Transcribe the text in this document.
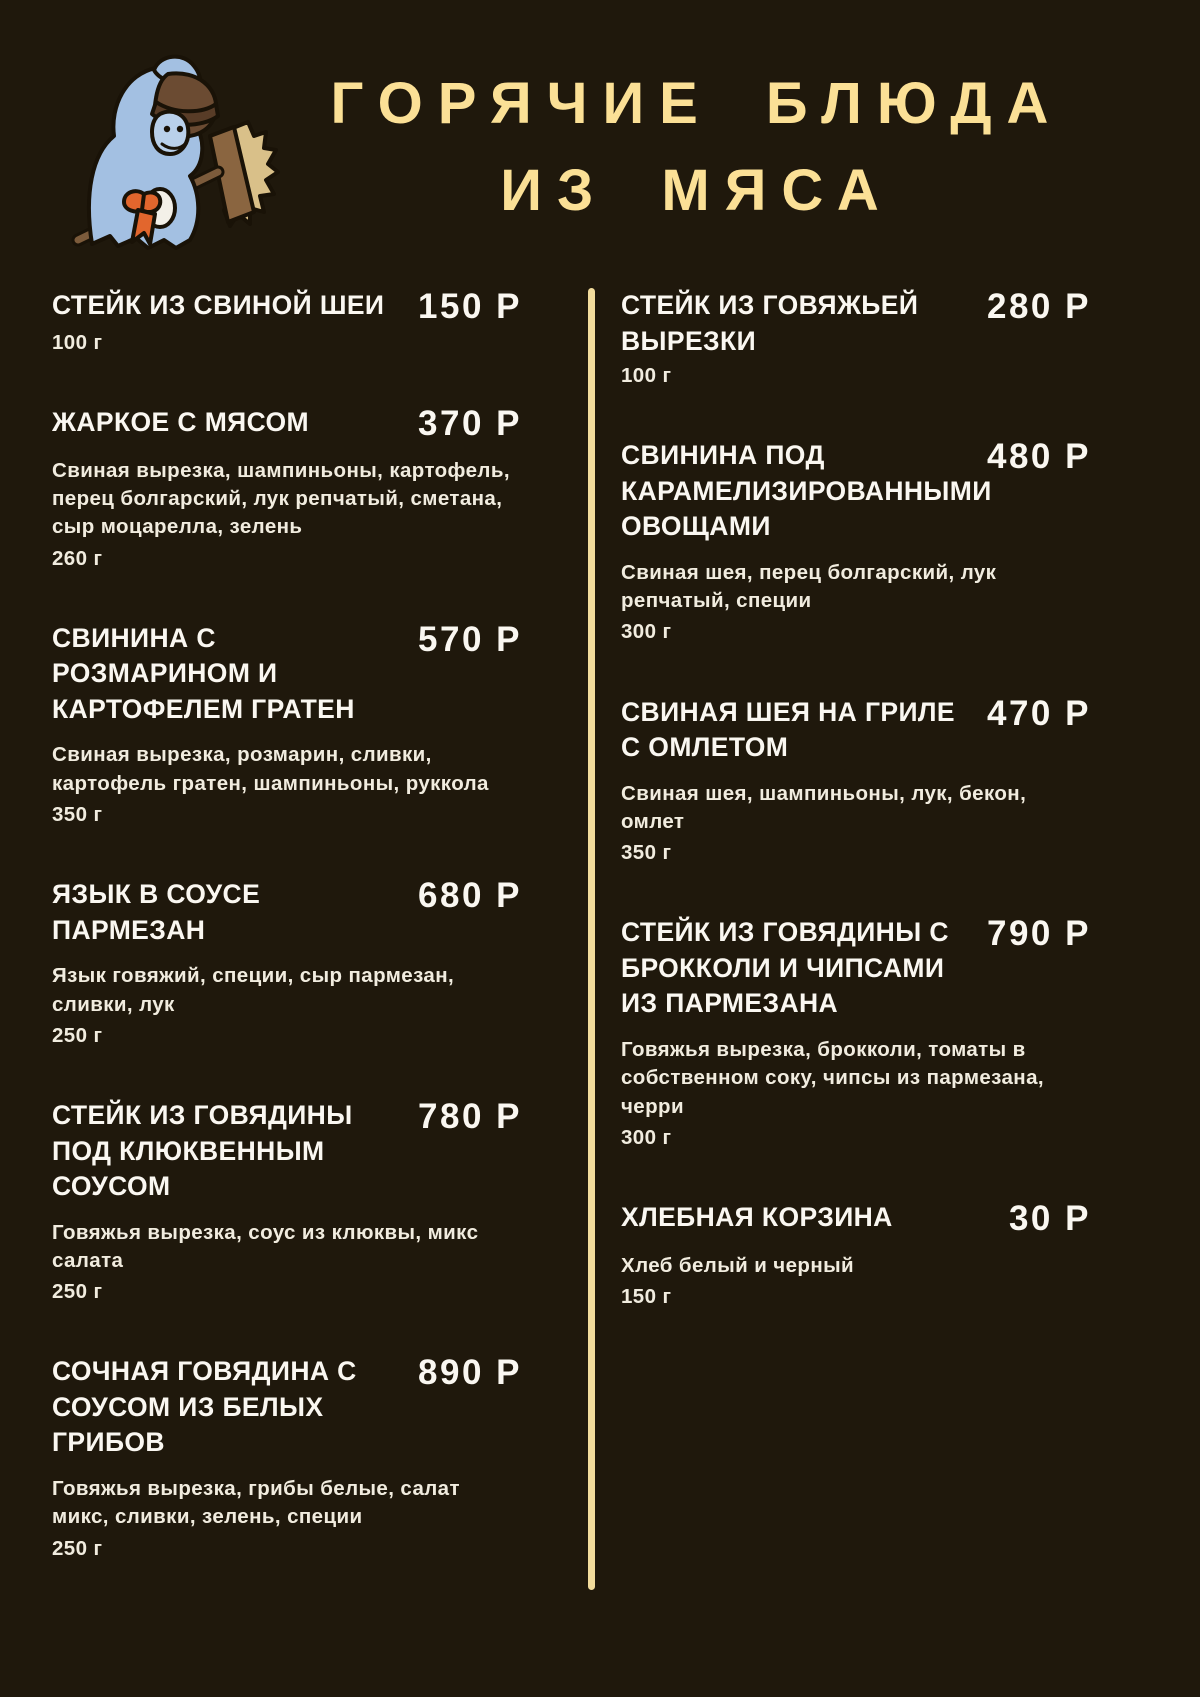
ГОРЯЧИЕ БЛЮДА
ИЗ МЯСА
СТЕЙК ИЗ СВИНОЙ ШЕИ 150 Р

100 г

ЖАРКОЕ С МЯСОМ	370 Р

Свиная вырезка, шампиньоны, картофель, перец болгарский, лук репчатый, сметана, сыр моцарелла, зелень

260 г

СВИНИНА С  РОЗМАРИНОМ И КАРТОФЕЛЕМ ГРАТЕН
570 Р

Свиная вырезка, розмарин, сливки, картофель гратен, шампиньоны, руккола

350 г

ЯЗЫК В СОУСЕ ПАРМЕЗАН
680 Р

Язык говяжий, специи, сыр пармезан, сливки, лук

250 г

СТЕЙК ИЗ ГОВЯДИНЫ ПОД КЛЮКВЕННЫМ СОУСОМ
780 Р

Говяжья вырезка, соус из клюквы, микс салата

250 г

СОЧНАЯ ГОВЯДИНА С СОУСОМ ИЗ БЕЛЫХ ГРИБОВ
890 Р

Говяжья вырезка, грибы белые, салат микс, сливки, зелень, специи

250 г

СТЕЙК ИЗ ГОВЯЖЬЕЙ ВЫРЕЗКИ
280 Р

100 г

СВИНИНА ПОД КАРАМЕЛИЗИРОВАННЫМИ ОВОЩАМИ
480 Р

Свиная шея, перец болгарский, лук репчатый, специи

300 г

СВИНАЯ ШЕЯ НА ГРИЛЕ С ОМЛЕТОМ
470 Р

Свиная шея, шампиньоны, лук, бекон, омлет

350 г

СТЕЙК ИЗ ГОВЯДИНЫ С БРОККОЛИ И ЧИПСАМИ ИЗ ПАРМЕЗАНА
790 Р

Говяжья вырезка, брокколи, томаты в собственном соку, чипсы из пармезана, черри

300 г

ХЛЕБНАЯ КОРЗИНА	30 Р

Хлеб белый и черный

150 г
